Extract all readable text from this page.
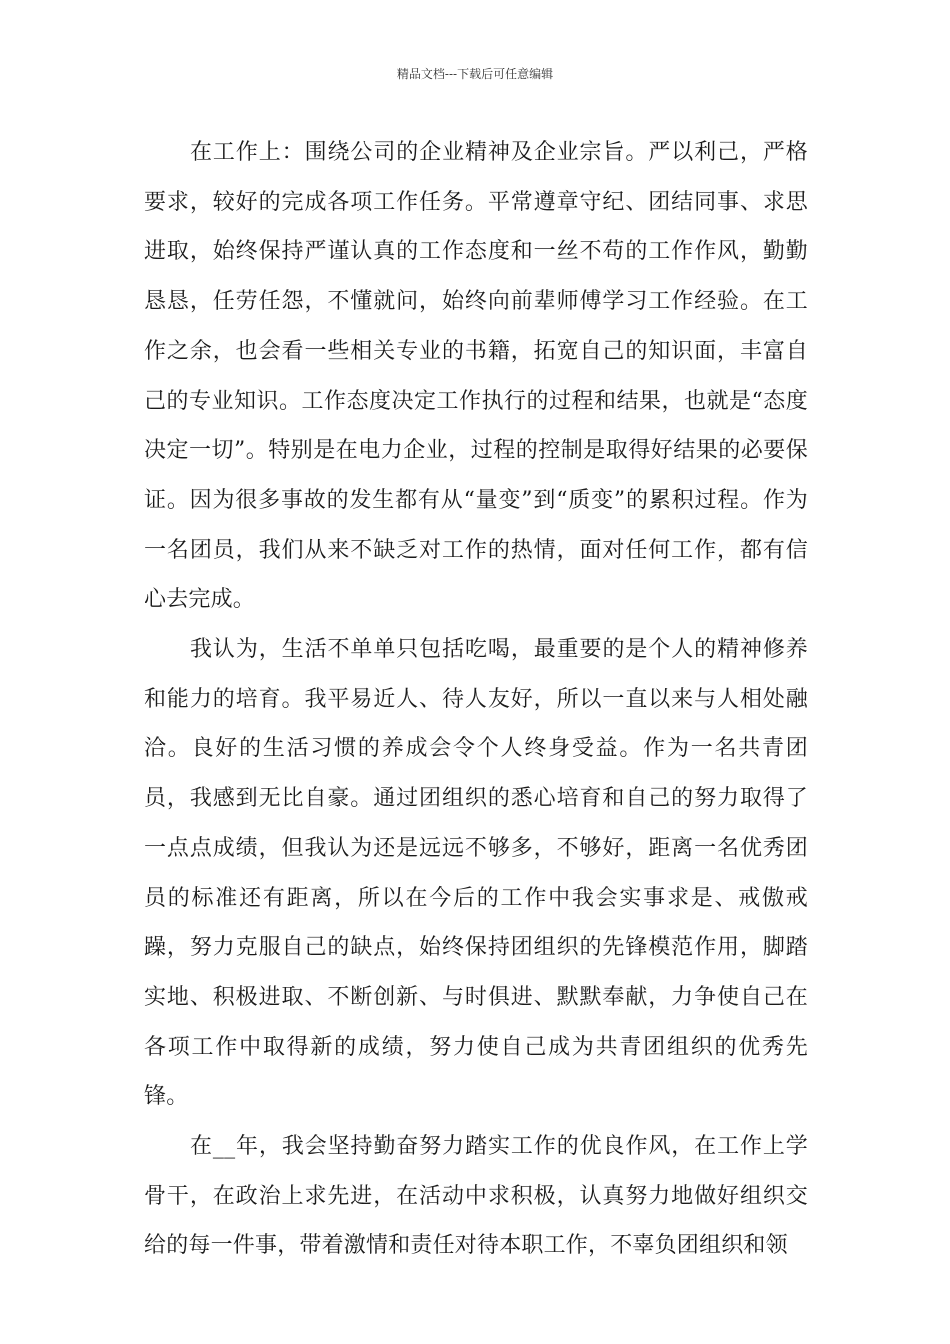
精品文档---下载后可任意编辑

在工作上：围绕公司的企业精神及企业宗旨。严以利己，严格要求，较好的完成各项工作任务。平常遵章守纪、团结同事、求思进取，始终保持严谨认真的工作态度和一丝不苟的工作作风，勤勤恳恳，任劳任怨，不懂就问，始终向前辈师傅学习工作经验。在工作之余，也会看一些相关专业的书籍，拓宽自己的知识面，丰富自己的专业知识。工作态度决定工作执行的过程和结果，也就是“态度决定一切”。特别是在电力企业，过程的控制是取得好结果的必要保证。因为很多事故的发生都有从“量变”到“质变”的累积过程。作为一名团员，我们从来不缺乏对工作的热情，面对任何工作，都有信心去完成。

我认为，生活不单单只包括吃喝，最重要的是个人的精神修养和能力的培育。我平易近人、待人友好，所以一直以来与人相处融洽。良好的生活习惯的养成会令个人终身受益。作为一名共青团员，我感到无比自豪。通过团组织的悉心培育和自己的努力取得了一点点成绩，但我认为还是远远不够多，不够好，距离一名优秀团员的标准还有距离，所以在今后的工作中我会实事求是、戒傲戒躁，努力克服自己的缺点，始终保持团组织的先锋模范作用，脚踏实地、积极进取、不断创新、与时俱进、默默奉献，力争使自己在各项工作中取得新的成绩，努力使自己成为共青团组织的优秀先锋。

在__年，我会坚持勤奋努力踏实工作的优良作风，在工作上学骨干，在政治上求先进，在活动中求积极，认真努力地做好组织交给的每一件事，带着激情和责任对待本职工作，不辜负团组织和领
